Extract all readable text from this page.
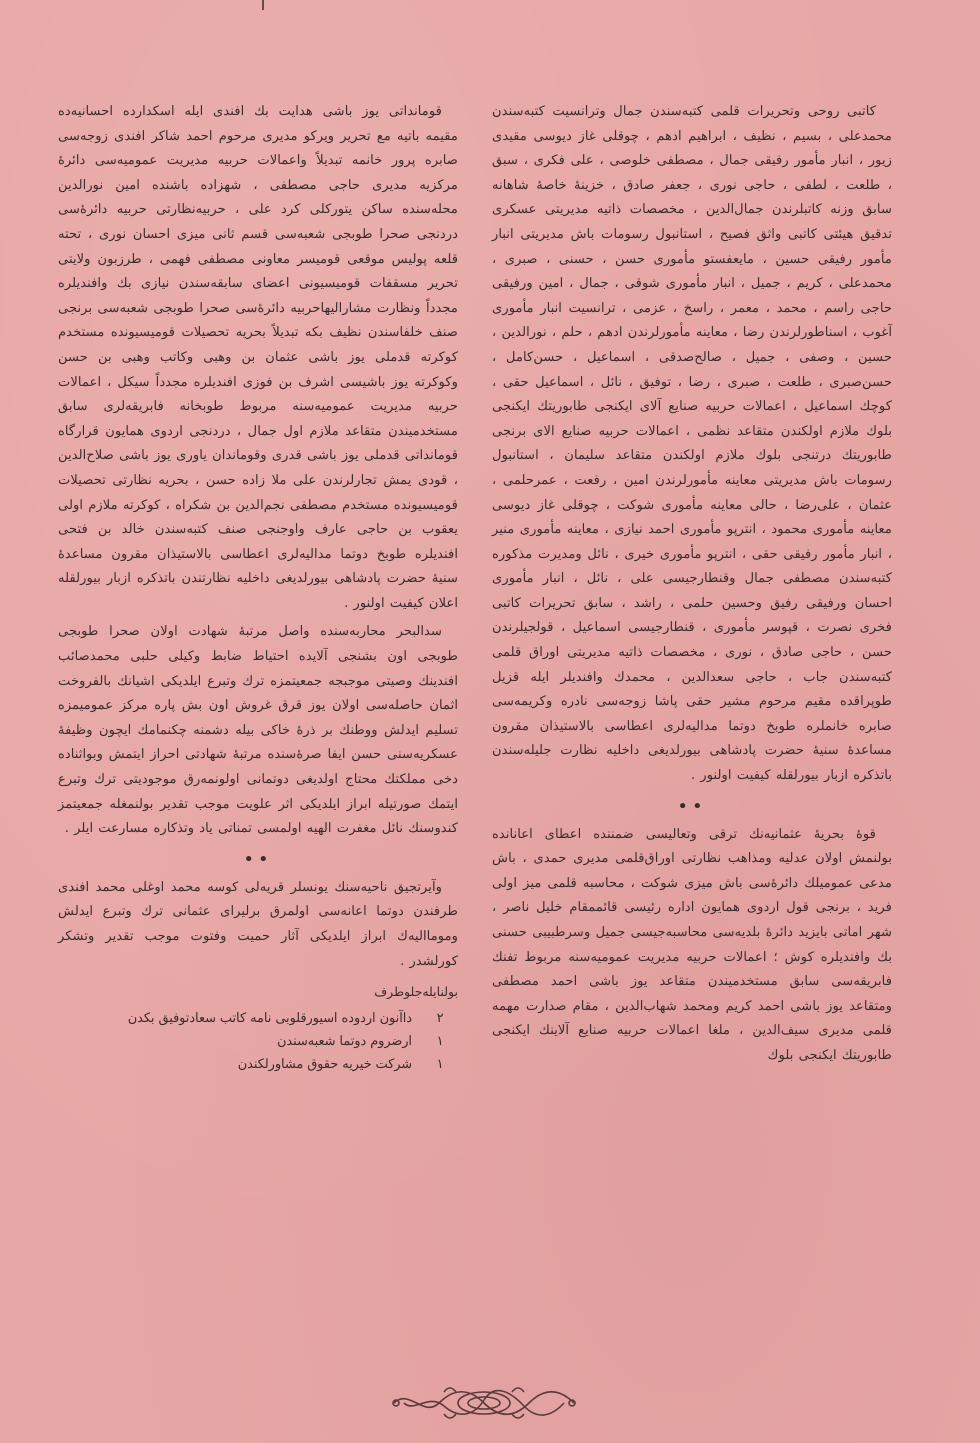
کاتبی روحی وتحریرات قلمی کتبه‌سندن جمال وترانسیت کتبه‌سندن محمدعلی ، بسیم ، نظیف ، ابراهیم ادهم ، چوقلی غاز دیوسی مقیدی زیور ، انبار مأمور رفیقی جمال ، مصطفی خلوصی ، علی فکری ، سبق ، طلعت ، لطفی ، حاجی نوری ، جعفر صادق ، خزینهٔ خاصهٔ شاهانه سابق وزنه کاتبلرندن جمال‌الدین ، مخصصات ذاتیه مدیریتی عسکری تدقیق هیئتی کاتبی واثق فصیح ، استانبول رسومات باش مدیریتی انبار مأمور رفیقی حسین ، مایعفستو مأموری حسن ، حسنی ، صبری ، محمدعلی ، کریم ، جمیل ، انبار مأموری شوقی ، جمال ، امین ورفیقی حاجی راسم ، محمد ، معمر ، راسخ ، عزمی ، ترانسیت انبار مأموری آغوب ، اسناطورلرندن رضا ، معاینه مأمورلرندن ادهم ، حلم ، نورالدین ، حسین ، وصفی ، جمیل ، صالح‌صدقی ، اسماعیل ، حسن‌کامل ، حسن‌صبری ، طلعت ، صبری ، رضا ، توفیق ، نائل ، اسماعیل حقی ، کوچك اسماعیل ، اعمالات حربیه صنایع آلای ایکنجی طابوریتك ایکنجی بلوك ملازم اولکندن متقاعد نظمی ، اعمالات حربیه صنایع الای برنجی طابوریتك درتنجی بلوك ملازم اولکندن متقاعد سلیمان ، استانبول رسومات باش مدیریتی معاینه مأمورلرندن امین ، رفعت ، عمرحلمی ، عثمان ، علی‌رضا ، حالی معاینه مأموری شوکت ، چوقلی غاز دیوسی معاینه مأموری محمود ، انترپو مأموری احمد نیازی ، معاینه مأموری منیر ، انبار مأمور رفیقی حقی ، انترپو مأموری خیری ، نائل ومدیرت مذکوره کتبه‌سندن مصطفی جمال وقنطارجیسی علی ، نائل ، انبار مأموری احسان ورفیقی رفیق وحسین حلمی ، راشد ، سابق تحریرات کاتبی فخری نصرت ، قپوسر مأموری ، قنطارجیسی اسماعیل ، قولجیلرندن حسن ، حاجی صادق ، نوری ، مخصصات ذاتیه مدیریتی اوراق قلمی کتبه‌سندن جاب ، حاجی سعدالدین ، محمدك وافندیلر ایله قزیل طوپراقده مقیم مرحوم مشیر حقی پاشا زوجه‌سی نادره وکریمه‌سی صابره خانملره طوبخ دوتما مدالیه‌لری اعطاسی بالاستیذان مقرون مساعدهٔ سنیهٔ حضرت پادشاهی بیورلدیغی داخلیه نظارت جلیله‌سندن باتذکره ازبار بیورلقله کیفیت اولنور .

••

قوهٔ بحریهٔ عثمانیه‌نك ترقی وتعالیسی ضمننده اعطای اعانانده بولنمش اولان عدلیه ومذاهب نظارتی اوراق‌قلمی مدیری حمدی ، باش مدعی عمومیلك دائرهٔ‌سی باش میزی شوکت ، محاسبه قلمی میز اولی فرید ، برنجی قول اردوی همایون اداره رئیسی قائممقام خلیل ناصر ، شهر اماتی بایزید دائرهٔ بلدیه‌سی محاسبه‌جیسی جمیل وسرطبیبی حسنی بك وافندیلره کوش ؛ اعمالات حربیه مدیریت عمومیه‌سنه مربوط تفنك فابریقه‌سی سابق مستخدمیندن متقاعد یوز باشی احمد مصطفی ومتقاعد یوز باشی احمد کریم ومحمد شهاب‌الدین ، مقام صدارت مهمه قلمی مدیری سیف‌الدین ، ملغا اعمالات حربیه صنایع آلاینك ایکنجی طابوریتك ایکنجی بلوك

قومانداتی یوز باشی هدایت بك افندی ایله اسکدارده احسانیه‌ده مقیمه باتیه مع تحریر ویرکو مدیری مرحوم احمد شاکر افندی زوجه‌سی صابره پرور خانمه تبدیلاً واعمالات حربیه مدیریت عمومیه‌سی دائرهٔ مرکزیه مدیری حاجی مصطفی ، شهزاده باشنده امین نورالدین محله‌سنده ساکن یتورکلی کرد علی ، حربیه‌نظارتی حربیه دائرهٔ‌سی دردنجی صحرا طوبجی شعبه‌سی قسم ثانی میزی احسان نوری ، تحته قلعه پولیس موقعی قومیسر معاونی مصطفی فهمی ، طرزبون ولایتی تحریر مسقفات قومیسیونی اعضای سابقه‌سندن نیازی بك وافندیلره مجدداً ونظارت مشارالیهاحربیه دائرهٔ‌سی صحرا طوبجی شعبه‌سی برنجی صنف خلفاسندن نظیف بکه تبدیلاً بحریه تحصیلات قومیسیونده مستخدم کوکرته قدملی یوز باشی عثمان بن وهبی وکاتب وهبی بن حسن وکوکرته یوز باشیسی اشرف بن فوزی افندیلره مجدداً سیکل ، اعمالات حربیه مدیریت عمومیه‌سنه مربوط طوبخانه فابریقه‌لری سابق مستخدمیندن متقاعد ملازم اول جمال ، دردنجی اردوی همایون قرارگاه قومانداتی قدملی یوز باشی قدری وقوماندان یاوری یوز باشی صلاح‌الدین ، قودی یمش تجارلرندن علی ملا زاده حسن ، بحریه نظارتی تحصیلات قومیسیونده مستخدم مصطفی نجم‌الدین بن شکراه ، کوکرته ملازم اولی یعقوب بن حاجی عارف واوجنجی صنف کتبه‌سندن خالد بن فتحی افندیلره طوبخ دوتما مدالیه‌لری اعطاسی بالاستیذان مقرون مساعدهٔ سنیهٔ حضرت پادشاهی بیورلدیغی داخلیه نظارتندن باتذکره ازبار بیورلقله اعلان کیفیت اولنور .

سدالبحر محاربه‌سنده واصل مرتبهٔ شهادت اولان صحرا طوبجی طوبجی اون بشنجی آلایده احتیاط ضابط وکیلی حلبی محمدصائب افندینك وصیتی موجبجه جمعیتمزه ترك وتبرع ایلدیکی اشیانك بالفروخت اثمان حاصله‌سی اولان یوز قرق غروش اون بش پاره مرکز عمومیمزه تسلیم ایدلش ووطنك بر ذرهٔ خاکی بیله دشمنه چکنمامك ایچون وظیفهٔ عسکریه‌سنی حسن ایفا صرهٔ‌سنده مرتبهٔ شهادتی احراز ایتمش وبواثناده دخی مملکتك محتاج اولدیغی دوتمانی اولونمه‌رق موجودیتی ترك وتبرع ایتمك صورتیله ابراز ایلدیکی اثر علویت موجب تقدیر بولنمغله جمعیتمز کندوسنك نائل مغفرت الهیه اولمسی تمناتی یاد وتذکاره مسارعت ایلر .

••

وآیرتجیق ناحیه‌سنك یونسلر قریه‌لی کوسه محمد اوغلی محمد افندی طرفندن دوتما اعانه‌سی اولمرق برلیرای عثمانی ترك وتبرع ایدلش وموماالیه‌ك ابراز ایلدیکی آثار حمیت وفتوت موجب تقدیر وتشکر کورلشدر .

بولنایله‌جلوطرف
٢
داآنون اردوده اسیورقلوبی نامه کاتب سعادتوفیق بکدن
١
ارضروم دوتما شعبه‌سندن
١
شرکت خیریه حقوق مشاورلکندن
